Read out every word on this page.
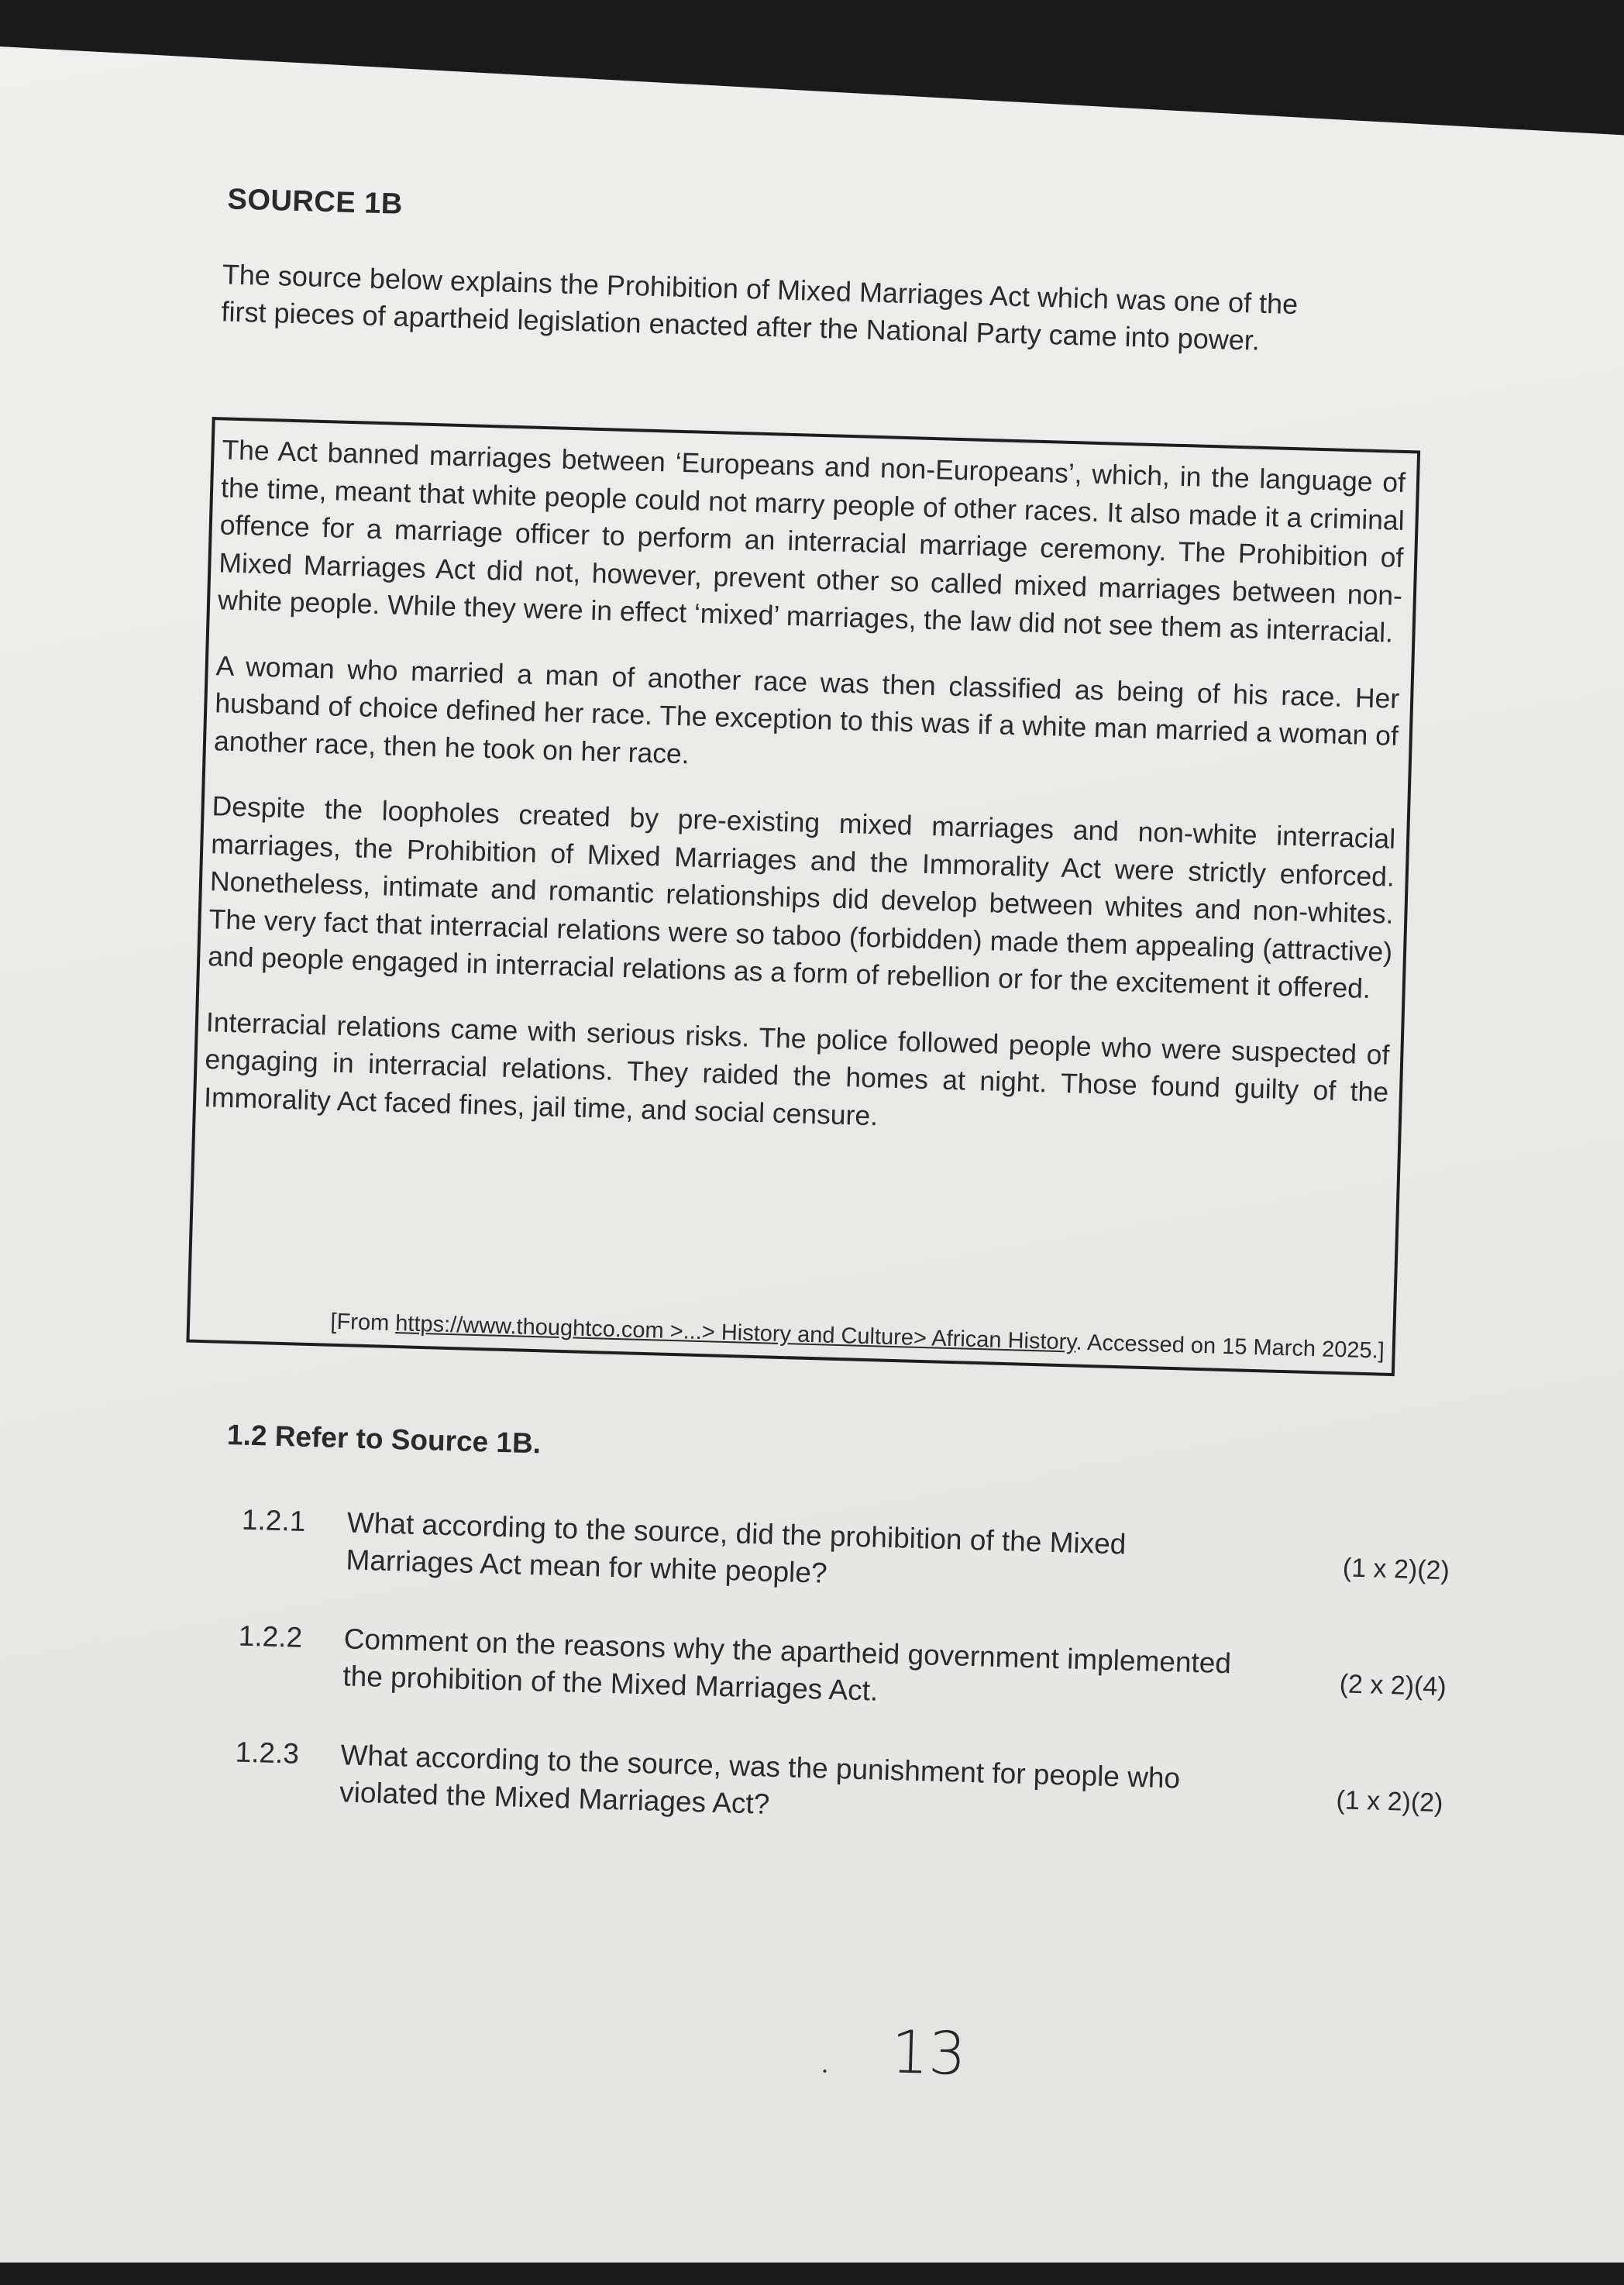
SOURCE 1B
The source below explains the Prohibition of Mixed Marriages Act which was one of the first pieces of apartheid legislation enacted after the National Party came into power.

The Act banned marriages between ‘Europeans and non-Europeans’, which, in the language of the time, meant that white people could not marry people of other races. It also made it a criminal offence for a marriage officer to perform an interracial marriage ceremony. The Prohibition of Mixed Marriages Act did not, however, prevent other so called mixed marriages between non-white people. While they were in effect ‘mixed’ marriages, the law did not see them as interracial.

A woman who married a man of another race was then classified as being of his race. Her husband of choice defined her race. The exception to this was if a white man married a woman of another race, then he took on her race.

Despite the loopholes created by pre-existing mixed marriages and non-white interracial marriages, the Prohibition of Mixed Marriages and the Immorality Act were strictly enforced. Nonetheless, intimate and romantic relationships did develop between whites and non-whites. The very fact that interracial relations were so taboo (forbidden) made them appealing (attractive) and people engaged in interracial relations as a form of rebellion or for the excitement it offered.

Interracial relations came with serious risks. The police followed people who were suspected of engaging in interracial relations. They raided the homes at night. Those found guilty of the Immorality Act faced fines, jail time, and social censure.

[From https://www.thoughtco.com >...> History and Culture> African History. Accessed on 15 March 2025.]
1.2 Refer to Source 1B.
1.2.1 What according to the source, did the prohibition of the Mixed Marriages Act mean for white people?	(1 x 2)(2)
1.2.2 Comment on the reasons why the apartheid government implemented the prohibition of the Mixed Marriages Act.	(2 x 2)(4)
1.2.3 What according to the source, was the punishment for people who violated the Mixed Marriages Act?	(1 x 2)(2)
13
